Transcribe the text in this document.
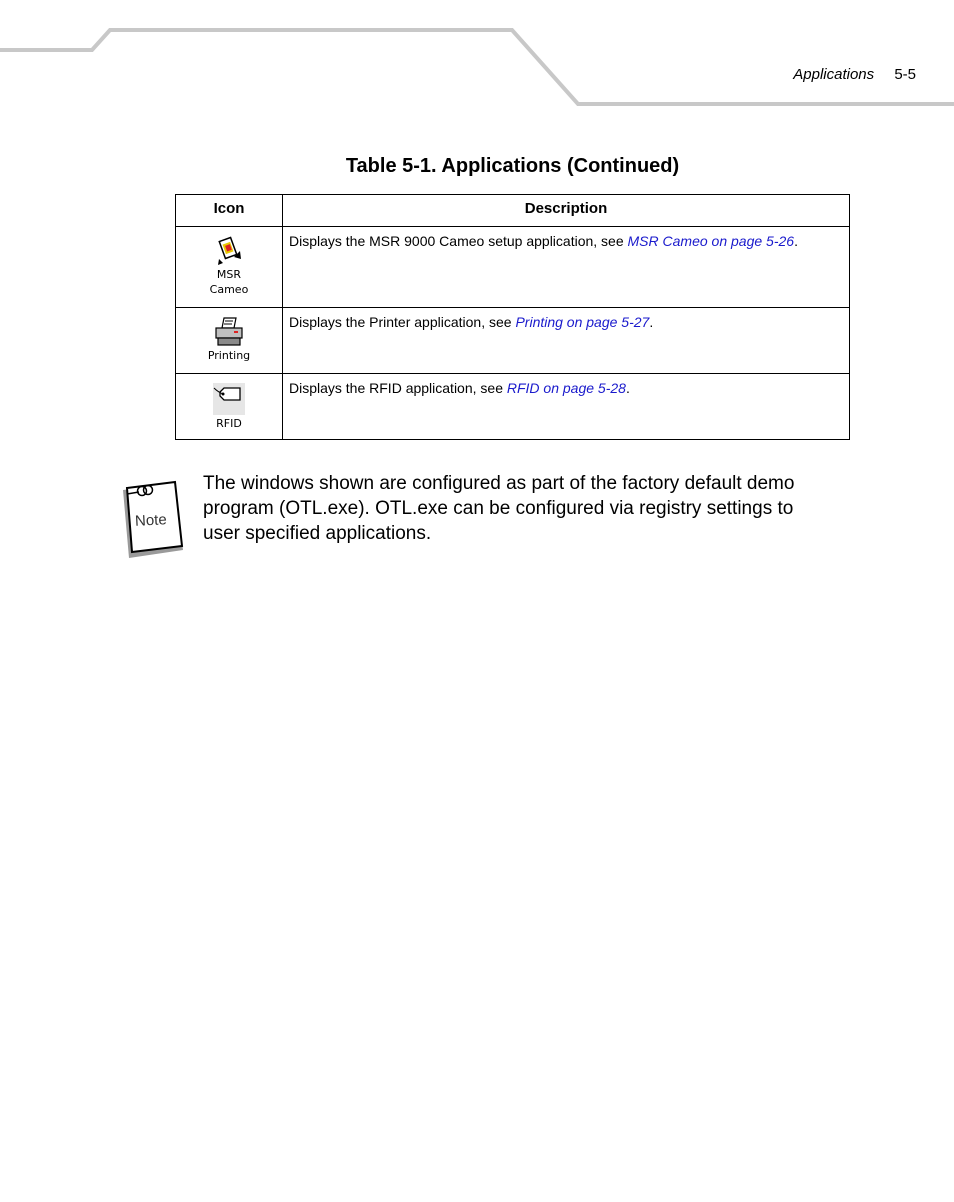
Applications 5-5
Table 5-1. Applications (Continued)
Icon	Description

MSR
Cameo	Displays the MSR 9000 Cameo setup application, see MSR Cameo on page 5-26.

Printing	Displays the Printer application, see Printing on page 5-27.

RFID	Displays the RFID application, see RFID on page 5-28.
Note
The windows shown are configured as part of the factory default demo program (OTL.exe). OTL.exe can be configured via registry settings to user specified applications.
